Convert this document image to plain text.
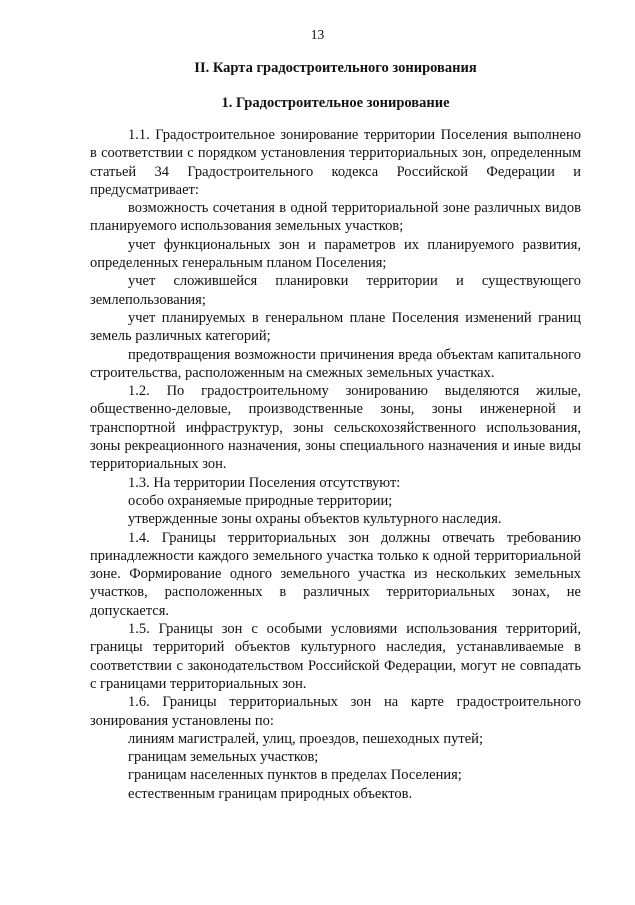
13
II. Карта градостроительного зонирования
1. Градостроительное зонирование

1.1. Градостроительное зонирование территории Поселения выполнено в соответствии с порядком установления территориальных зон, определенным статьей 34 Градостроительного кодекса Российской Федерации и предусматривает:

возможность сочетания в одной территориальной зоне различных видов планируемого использования земельных участков;

учет функциональных зон и параметров их планируемого развития, определенных генеральным планом Поселения;

учет сложившейся планировки территории и существующего землепользования;

учет планируемых в генеральном плане Поселения изменений границ земель различных категорий;

предотвращения возможности причинения вреда объектам капитального строительства, расположенным на смежных земельных участках.

1.2. По градостроительному зонированию выделяются жилые, общественно-деловые, производственные зоны, зоны инженерной и транспортной инфраструктур, зоны сельскохозяйственного использования, зоны рекреационного назначения, зоны специального назначения и иные виды территориальных зон.

1.3. На территории Поселения отсутствуют:

особо охраняемые природные территории;

утвержденные зоны охраны объектов культурного наследия.

1.4. Границы территориальных зон должны отвечать требованию принадлежности каждого земельного участка только к одной территориальной зоне. Формирование одного земельного участка из нескольких земельных участков, расположенных в различных территориальных зонах, не допускается.

1.5. Границы зон с особыми условиями использования территорий, границы территорий объектов культурного наследия, устанавливаемые в соответствии с законодательством Российской Федерации, могут не совпадать с границами территориальных зон.

1.6. Границы территориальных зон на карте градостроительного зонирования установлены по:

линиям магистралей, улиц, проездов, пешеходных путей;

границам земельных участков;

границам населенных пунктов в пределах Поселения;

естественным границам природных объектов.
